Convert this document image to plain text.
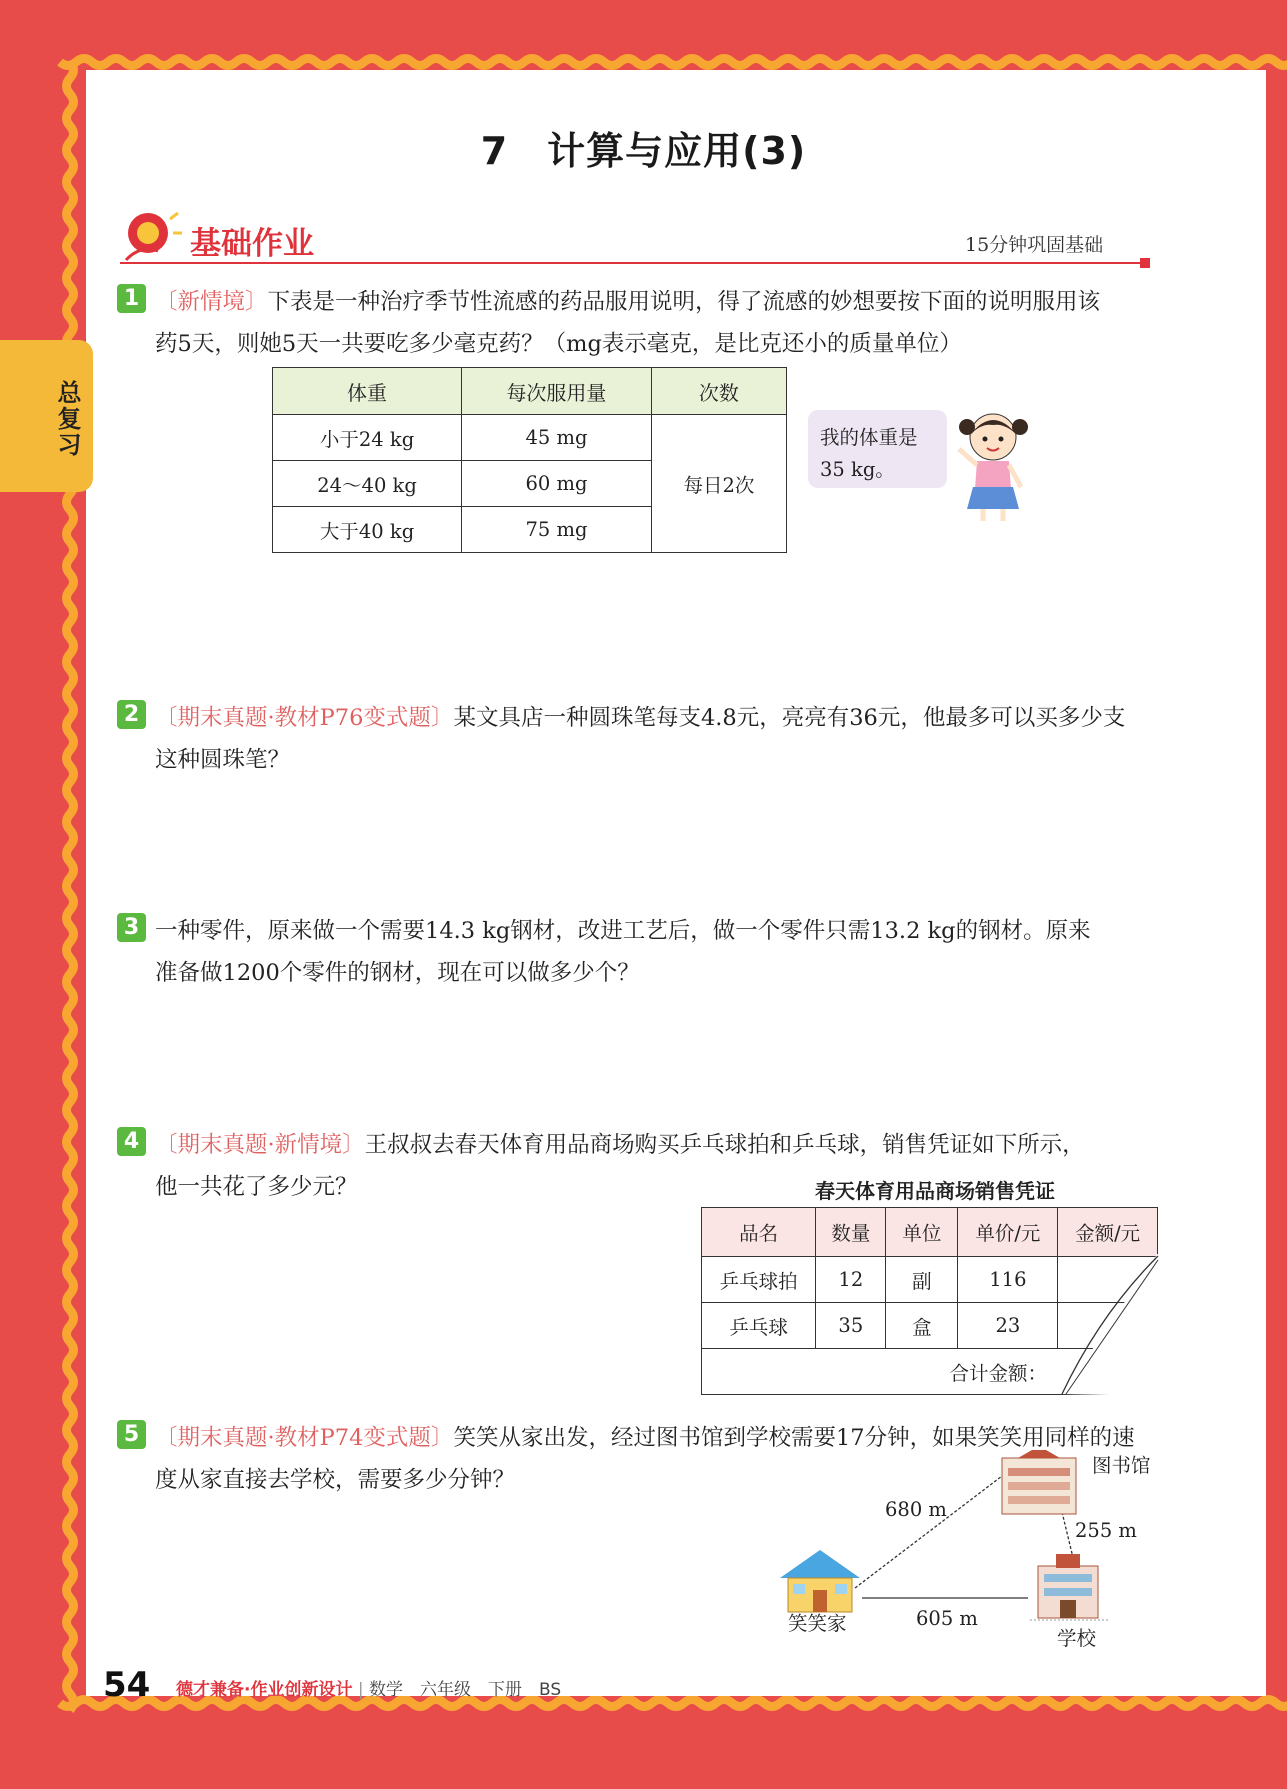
总复习
7　计算与应用(3)
基础作业	15分钟巩固基础
1 〔新情境〕下表是一种治疗季节性流感的药品服用说明，得了流感的妙想要按下面的说明服用该
药5天，则她5天一共要吃多少毫克药？（mg表示毫克，是比克还小的质量单位）
体重	每次服用量	次数
小于24 kg	45 mg	每日2次
24～40 kg	60 mg	
大于40 kg	75 mg	
我的体重是
35 kg。
2 〔期末真题·教材P76变式题〕某文具店一种圆珠笔每支4.8元，亮亮有36元，他最多可以买多少支
这种圆珠笔？
3 一种零件，原来做一个需要14.3 kg钢材，改进工艺后，做一个零件只需13.2 kg的钢材。原来
准备做1200个零件的钢材，现在可以做多少个？
4 〔期末真题·新情境〕王叔叔去春天体育用品商场购买乒乓球拍和乒乓球，销售凭证如下所示，
他一共花了多少元？	春天体育用品商场销售凭证
品名	数量	单位	单价/元	金额/元
乒乓球拍	12	副	116	
乒乓球	35	盒	23	
合计金额：				
5 〔期末真题·教材P74变式题〕笑笑从家出发，经过图书馆到学校需要17分钟，如果笑笑用同样的速
度从家直接去学校，需要多少分钟？
图书馆
680 m
255 m
笑笑家	605 m
学校
54 德才兼备·作业创新设计 | 数学　六年级　下册　BS
